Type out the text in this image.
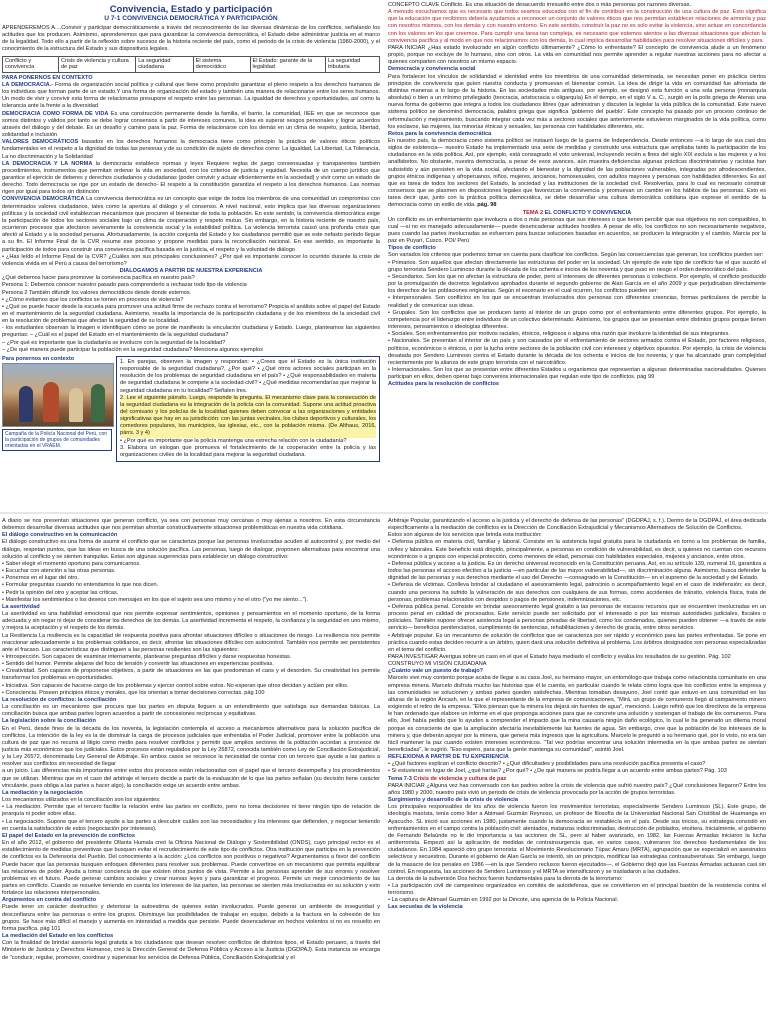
Convivencia, Estado y participación
U 7-1 CONVIVENCIA DEMOCRÁTICA Y PARTICIPACIÓN

APRENDEREMOS A....Convivir y participar democráticamente a través del reconocimiento de las diversas dinámicas de los conflictos, señalando los actitudes que los producen. Asimismo, aprenderemos que para garantizar la convivencia democrática, el Estado debe administrar justicia en el marco de la legalidad. Todo ello a partir de la reflexión sobre sucesos de la historia reciente del país, como el periodo de la crisis de violencia (1980-2000), y el conocimiento de la estructura del Estado y sus dispositivos legales.

Conflicto y convivencia	Crisis de violencia y cultura de paz	La seguridad ciudadana	El sistema democrático	El Estado: garante de la legalidad	La seguridad tributaria

PARA PONERNOS EN CONTEXTO

LA DEMOCRACIA.- Forma de organización social política y cultural que tiene como propósito garantizar el pleno respeto a los derechos humanos de los individuos que forman parte de un estado.Y una forma de organización del estado y también una manera de relacionarse entre los seres humanos. Un modo de vivir y convivir esta forma de relacionarse presupone el respeto entre las personas. La igualdad de derechos y oportunidades, así como la tolerancia ante la frente a la diversidad

DEMOCRACIA COMO FORMA DE VIDA Es una construcción permanente desde la familia, el barrio, la comunidad, IIEE en que se reconoce que somos distintos y válidos por tanto se debe lograr consensos a partir de intereses comunes, la idea es superar sesgos personales y lograr acuerdos através del diálogo y del debate. Es un desafío y camino para la paz. Forma de relacionarse con los demás en un clima de respeto, justicia, libertad, solidaridad e inclusión

VALORES DEMOCRÁTICOS basados en los derechos humanos la democracia tiene como principio la práctica de valores éticos políticos fundamentales en el respeto a la dignidad de todas las personas y de su condición de sujeto de derechos como: La igualdad, La Libertad, La Tolerancia, La no discriminación y la Solidaridad

LA DEMOCRACIA Y LA NORMA la democracia establece normas y leyes Requiere reglas de juego consensuadas y transparentes también procedimientos, instrumentos que permitan ordenar la vida en sociedad, con los criterios de justicia y equidad. Necesita de un cuerpo jurídico que garantice el ejercicio de deberes y derechos ciudadanos y ciudadanas (poder convivir y actuar eficientemente en la sociedad) y vivir como un estado de derecho. Todo democracia se rige por un estado de derecho- El respeto a la constitución garantiza el respeto a los derechos humanos. Las normas rigen por igual para todos sin distinción

CONVIVENCIA DEMOCRÁTICA La convivencia democrática es un concepto que exige de todos los miembros de una comunidad un compromiso con determinados valores ciudadanos, tales como la apertura al diálogo y el consenso. A nivel nacional, esto implica que las diversas organizaciones políticas y la sociedad civil establezcan mecanismos que procuren el bienestar de toda la población. En este sentido, la convivencia democrática exige la participación de todos los sectores sociales bajo un clima de cooperación y respeto mutuo. Sin embargo, en la historia reciente de nuestro país, ocurrieron procesos que afectaron severamente la convivencia social y la estabilidad política. La violencia terrorista causó una profunda crisis que afectó al Estado y a la sociedad peruana. Afortunadamente, la acción conjunta del Estado y los ciudadanos permitió que se este nefasto período llegue a su fin. El Informe Final de la CVR resume ese proceso y propone medidas para la reconciliación nacional. En ese sentido, es importante la participación de todos para construir una convivencia pacífica basada en la justicia, el respeto y la voluntad de diálogo

• ¿Has leído el Informe Final de la CVR? ¿Cuáles son sus principales conclusiones? ¿Por qué es importante conocer lo ocurrido durante la crisis de violencia vivida en el Perú a causa del terrorismo?

DIALOGAMOS A PARTIR DE NUESTRA EXPERIENCIA

¿Qué debemos hacer para promover la convivencia pacífica en nuestro país?

Persona 1: Debemos conocer nuestro pasado para comprenderlo a rechazar todo tipo de violencia

Persona 2 También difundir los valores democráticos desde donde estemos.

• ¿Cómo evitamos que los conflictos se tornen en procesos de violencia?

• ¿Qué se puede hacer desde la escuela para promover una actitud firme de rechazo contra el terrorismo? Propicia el análisis sobre el papel del Estado en el mantenimiento de la seguridad ciudadana. Asimismo, resalta la importancia de la participación ciudadana y de los miembros de la sociedad civil en la resolución de problemas que afectan la seguridad de su localidad.

- los estudiantes observan la imagen e identifiquen cómo se pone de manifiesto la vinculación ciudadana y Estado. Luego, planteamos las siguientes preguntas: – ¿Cuál es el papel del Estado en el mantenimiento de la seguridad ciudadana?

– ¿Por qué es importante que la ciudadanía se involucre con la seguridad de la localidad?

– ¿De qué manera puede participar la población en la seguridad ciudadana? Menciona algunos ejemplos

Para ponernos en contexto
Campaña de la Policía Nacional del Perú, con la participación de grupos de comunidades orientadas en el VRAEM.

1. En parejas, observen la imagen y respondan: • ¿Crees que el Estado es la única institución responsable de la seguridad ciudadana?, ¿Por qué? • ¿Qué otros actores sociales participan en la resolución de los problemas de seguridad ciudadana en el país? • ¿Qué responsabilidades en materia de seguridad ciudadana le compete a la sociedad civil? • ¿Qué medidas recomendarías que mejorar la seguridad ciudadana en tu localidad? Señalen tres.

2. Lee el siguiente párrafo. Luego, responde la pregunta. El mecanismo clave para la consecución de la seguridad ciudadana es la integración de la policía con la comunidad. Supone una actitud proactiva del comisario y los policías de la localidad quienes deben convocar a las organizaciones y entidades significativas que hay en su jurisdicción: con las juntas vecinales, los clubes deportivos y culturales, los comedores populares, los municipios, las iglesias, etc., con la población misma. (De Althaus, 2016, párrs. 3 y 4)

• ¿Por qué es importante que la policía mantenga una estrecha relación con la ciudadanía?

3. Elabora un eslogan que promueva el fortalecimiento de la cooperación entre la policía y las organizaciones civiles de la localidad para mejorar la seguridad ciudadana.

CONCEPTO CLAVE Conflicto. Es una situación de desacuerdo irresuelto entre dos o más personas por razones diversas.

A menudo escuchamos que es necesario que todos seamos educados con el fin de contribuir en la construcción de una cultura de paz. Esto significa que la educación que recibimos debería ayudarnos a reconocer un conjunto de valores éticos que nos permitan establecer relaciones de armonía y paz con nosotros mismos, con los demás y con nuestro entorno. En este sentido, construir la paz no es solo evitar la violencia, sino actuar en concordancia con los valores en los que creemos. Para cumplir una tarea tan compleja, es necesario que estemos atentos a las diversas situaciones que afectan la convivencia pacífica y al modo en que nos relacionamos con los demás, lo cual implica desarrollar habilidades para resolver situaciones difíciles y para

PARA INICIAR ¿Has estado involucrado en algún conflicto últimamente? ¿Cómo lo enfrentaste? El concepto de convivencia alude a un fenómeno propio, porque no excluye de lo humano, sino con otros. La vida en comunidad nos permite aprender a regular nuestras acciones para no afectar a quienes comparten con nosotros un mismo espacio.

Democracia y convivencia social

Para fortalecer los vínculos de solidaridad e identidad entre los miembros de una comunidad determinada, se necesitan poner en práctica ciertos principios de convivencia que guíen nuestra conducta y promuevan el bienestar común. La idea de dirigir la vida en comunidad fue afrontada de distintas maneras a lo largo de la historia. En las sociedades más antiguas, por ejemplo, se designó esta función a una sola persona (monarquía absoluta) o bien a un mínimo privilegiado (teocracia, aristocracia u oligarquía) En el tiempo, en el siglo V a. C., surgió en la polis griega de Atenas una nueva forma de gobierno que integra a todos los ciudadanos libres (que administran y discuten la legislar la vida pública de la comunidad. Este nuevo sistema político se denominó democracia, palabra griega que significa 'gobierno del pueblo'. Este concepto ha pasado por un proceso continuo de reformulación y mejoramiento, buscando integrar cada vez más a sectores sociales que anteriormente estuvieron marginados de la vida política, como los esclavos, las mujeres, las minorías étnicas y sexuales, las personas con habilidades diferentes, etc.

Retos para la convivencia democrática

En nuestro país, la democracia como sistema político se instauró luego de la guerra de Independencia. Desde entonces —a lo largo de sus casi dos siglos de existencia— nuestro Estado ha implementado una serie de medidas y construido una estructura que ampliaba tanto la participación de los ciudadanos en la vida política. Así, por ejemplo, está consagrado el voto universal, incluyendo recién a fines del siglo XIX excluía a las mujeres y a los analfabetos. No obstante, nuestra democracia, a pesar de esos avances, aún muestra deficiencias algunas prácticas discriminatorias y racistas han subsistido y aún persisten en la vida social, afectando el bienestar y la dignidad de las poblaciones vulnerables, integradas por afrodescendientes, grupos étnicos indígenas y afroperuanos, niños, mujeres, ancianos, homosexuales, con adultos mayores y personas con habilidades diferentes. Es así que es tarea de todos los sectores del Estado, la sociedad y las instituciones de la sociedad civil. Resolverlas, para lo cual es necesario construir consensos que se plasmen en disposiciones legales que favorezcan la convivencia y promuevan un cambio en los hábitos de las personas. Esto es tarea decir que, junto con la práctica política democrática, se debe desarrollar una cultura democrática cotidiana que exprese el sentido de la democracia como un estilo de vida. pág. 98

TEMA 2 EL CONFLICTO Y CONVIVENCIA

Un conflicto es un enfrentamiento que involucra a dos o más personas que sus intereses o que tienen percibir que sus objetivos no son compatibles, lo cual —si no es manejado adecuadamente— puede desencadenar actitudes hostiles. A pesar de ello, los conflictos no son necesariamente negativos, pues cuando las partes involucradas se esfuercen para buscar soluciones basadas en acuerdos, se producen la integración y el cambio. Marcia por la paz en Puyarí, Cusco. POI/ Perú

Tipos de conflicto

Son variados los criterios que podemos tomar en cuenta para clasificar los conflictos. Según las consecuencias que generan, los conflictos pueden ser:

• Primarios. Son aquellos que afectan directamente las estructuras del poder en la sociedad. Un ejemplo de este tipo de conflicto fue el que suscitó el grupo terrorista Sendero Luminoso durante la década de los ochenta e inicios de los noventa y que puso en riesgo el orden democrático del país.

• Secundarios. Son los que no afectan la estructura de poder, pero sí intereses de diferentes personas o colectivos. Por ejemplo, el conflicto producido por la promulgación de decretos legislativos aprobados durante el segundo gobierno de Alan García en el año 2009 y que perjudicaban directamente los derechos de las poblaciones originarias. Según el escenario en el cual ocurren, los conflictos pueden ser:

• Interpersonales. Son conflictos en los que se encuentran involucrados dos personas con diferentes creencias, formas particulares de percibir la realidad y de comunicar sus ideas.

• Grupales. Son los conflictos que se producen tanto al interior de un grupo como por el enfrentamiento entre diferentes grupos. Por ejemplo, la competencia por el liderazgo entre individuos de un colectivo determinado. Asimismo, los grupos que se presentan entre distintos grupos porque tienen intereses, pensamientos o ideologías diferentes.

• Sociales. Son enfrentamientos por motivos raciales, étnicos, religiosos o alguna otra razón que involucre la identidad de sus integrantes.

• Nacionales. Se presentan al interior de un país y son causados por el enfrentamiento de sectores armados contra el Estado, por factores religiosos, políticos, económicos o étnicos, o por la lucha entre sectores de la población civil con intereses y objetivos opuestos. Por ejemplo, la crisis de violencia desatada por Sendero Luminoso contra el Estado durante la década de los ochenta e inicios de los noventa, y que ha alcanzado gran complejidad recientemente por la alianza de este grupo terrorista con el narcotráfico.

• Internacionales. Son los que se presentan entre diferentes Estados u organismos que representan a algunas determinadas nacionalidades. Quienes participan en ellos, deben operar bajo convenios internacionales que regulan este tipo de conflictos. pág 99

Actitudes para la resolución de conflictos

A diario se nos presentan situaciones que generan conflicto, ya sea con personas muy cercanas o muy ajenas a nosotros. En esta circunstancia debemos desarrollar diversas actitudes que nos permitan afrontar constructivamente situaciones problemáticas en nuestra vida cotidiana.

El diálogo constructivo en la comunicación

El diálogo constructivo es una forma de asumir el conflicto que se caracteriza porque las personas involucradas acuden al autocontrol y, por medio del diálogo, respetan puntos, que las ideas en busca de una solución pacífica. Las personas, luego de dialogar, proponen alternativas para encontrar una solución al conflicto y se sienten tranquilas. Estas son algunas sugerencias para establecer un diálogo constructivo:

• Saber elegir el momento oportuno para comunicarnos.

• Escuchar con atención a las otras personas.

• Ponernos en el lugar del otro.

• Formular preguntas cuando no entendamos lo que nos dicen.

• Pedir la opinión del otro y aceptar las críticas.

• Manifestar los sentimientos o los deseos con mensajes en los que el sujeto sea uno mismo y no el otro ("yo me siento...").

La asertividad

La asertividad es una habilidad emocional que nos permite expresar sentimientos, opiniones y pensamientos en el momento oportuno, de la forma adecuada y sin negar ni dejar de considerar los derechos de los demás. La asertividad incrementa el respeto, la confianza y la seguridad en uno mismo, y mejora la aceptación y el respeto de los demás.

La Resiliencia La resiliencia es la capacidad de respuesta positiva para afrontar situaciones difíciles o situaciones de riesgo. La resiliencia nos permite reaccionar adecuadamente a los problemas cotidianos, es decir, afrontar las situaciones difíciles con autocontrol. También nos permite ser persistentes ante el fracaso. Las características que distinguen a las personas resilientes son las siguientes:

• Introspección. Son capaces de examinar internamente, plantearse preguntas difíciles y darse respuestas honestas.

• Sentido del humor. Permite alejarse del foco de tensión y convertir las situaciones en experiencias positivas.

• Creatividad. Son capaces de proponerse objetivos, a partir de situaciones en las que predominan el caos y el desorden. Su creatividad les permite transformar los problemas en oportunidades.

• Iniciativa. Son capaces de hacerse cargo de los problemas y ejercer control sobre estos. No esperan que otros decidan y actúen por ellos.

• Consciencia. Poseen principios éticos y morales, que los orientan a tomar decisiones correctas. pág 100

La resolución de conflictos: la conciliación

La conciliación es un mecanismo que procura que las partes en disputa lleguen a un entendimiento que satisfaga sus demandas básicas. La conciliación busca que ambas partes logren acuerdos a partir de concesiones recíprocas y equitativas.

La legislación sobre la conciliación

En el Perú, desde fines de la década de los noventa, la legislación contempla el acceso a mecanismos alternativos para la solución pacífica de conflictos. La intención de la ley es la de disminuir la carga de procesos judiciales que enfrentaba el Poder Judicial, promover entre la población una cultura de paz que no recurra al litigio como medio para resolver conflictos y permitir que amplios sectores de la población accedan a procesos de justicia más económicos que los judiciales. Estos procesos están regulados por la Ley 26872, conocida también como Ley de Conciliación Extrajudicial, y la Ley 26572, denominada Ley General de Arbitraje. En ambos casos se reconoce la necesidad de contar con un tercero que ayude a las partes a resolver sus conflictos sin necesidad de llegar

a un juicio. Las diferencias más importantes entre estos dos procesos están relacionadas con el papel que el tercero desempeña y los procedimientos que se utilizan. Mientras que en el caso del arbitraje el tercero decide a partir de la evaluación de lo que las partes señalan (su decisión tiene carácter vinculante, pues obliga a las partes a hacer algo), la conciliación exige un acuerdo entre ambas.

La mediación y la negociación

Los mecanismos utilizados en la conciliación son los siguientes:

• La mediación. Permite que el tercero facilite la relación entre las partes en conflicto, pero no toma decisiones ni tiene ningún tipo de relación de jerarquía ni poder sobre ellas.

• La negociación. Supone que el tercero ayude a las partes a descubrir cuáles son las necesidades y los intereses que defienden, y negociar teniendo en cuenta la satisfacción de estos (negociación por intereses).

El papel del Estado en la prevención de conflictos

En el año 2012, el gobierno del presidente Ollanta Humala creó la Oficina Nacional de Diálogo y Sostenibilidad (ONDS), cuyo principal rector es el establecimiento de medidas preventivas que busquen evitar el recrudecimiento de este tipo de conflictos. Otra institución que participa en la prevención de conflictos es la Defensoría del Pueblo. Del conocimiento a la acción: ¿Los conflictos son positivos o negativos? Argumentamos a favor del conflicto Puede hacer que las personas busquen enfoques diferentes para resolver sus problemas. Puede convertirse en un mecanismo que permita equilibrar las relaciones de poder. Ayuda a tomar conciencia de que existen otros puntos de vista. Permite a las personas aprender de sus errores y resolver problemas en el futuro. Puede generar cambios sociales y crear nuevas leyes y para garantizar el progreso. Permite un mejor conocimiento de las partes en conflicto. Cuando se resuelve teniendo en cuenta los intereses de las partes, las personas se sienten más involucradas en su solución y esto fortalece las relaciones interpersonales.

Argumentos en contra del conflicto

Puede tener un carácter destructivo y deteriorar la autoestima de quienes están involucrados. Puede generar un ambiente de inseguridad y desconfianza entre las personas o entre los grupos. Disminuye las posibilidades de trabajar en equipo, debido a la fractura en la cohesión de los grupos. Se hace más difícil el manejo y aumenta en intensidad a medida que persiste. Puede desencadenar en hechos violentos si no es resuelto en forma pacífica. pág 101

La mediación del Estado en los conflictos

Con la finalidad de brindar asesoría legal gratuita a los ciudadanos que desean resolver conflictos de distintos tipos, el Estado peruano, a través del Ministerio de Justicia y Derechos Humanos, creó la Dirección General de Defensa Pública y Acceso a la Justicia (DGDPAJ). Esta instancia se encarga de "conducir, regular, promover, coordinar y supervisar los servicios de Defensa Pública, Conciliación Extrajudicial y el

Arbitraje Popular, garantizando el acceso a la justicia y el derecho de defensa de las personas" (DGDPAJ, s. f.). Dentro de la DGDPAJ, el área dedicada específicamente a la mediación de conflictos es la Dirección de Conciliación Extrajudicial y Mecanismos Alternativos de Solución de Conflictos.

Estos son algunos de los servicios que brinda esta institución:

• Defensa pública en materia civil, familiar y laboral. Consiste en la asistencia legal gratuita para la ciudadanía en torno a los problemas de familia, civiles y laborales. Este beneficio está dirigido, principalmente, a personas en condición de vulnerabilidad, es decir, a quienes no cuentan con recursos económicos o a grupos con especial protección, como menores de edad, personas con habilidades especiales, mujeres y ancianos, entre otros.

• Defensa pública y acceso a la justicia. Es un derecho universal reconocido en la Constitución peruana. Así, en su artículo 139, numeral 16, garantiza a todos las personas el acceso efectivo a la justicia —en particular de las mayor vulnerabilidad—, sin discriminación alguna. Asimismo, busca defender la dignidad de las personas y sus derechos mediante el uso del Derecho —consagrado en la Constitución— en el supremo de la sociedad y del Estado.

• Defensa de víctimas. Conlleva brindar al ciudadano el asesoramiento legal, patrocinio o acompañamiento legal en el caso de indefensión; es decir, cuando una persona ha sufrido la vulneración de sus derechos con cualquiera de sus formas, como accidentes de tránsito, violencia física, trata de personas, problemas relacionados con despidos o pagos de pensiones, indemnizaciones, etc.

• Defensa pública penal. Consiste en brindar asesoramiento legal gratuito a las personas de escasos recursos que se encuentren involucradas en un proceso penal en calidad de procesados. Este servicio puede ser solicitado por el interesado o por las mismas autoridades judiciales, fiscales o policiales. También supone ofrecer asistencia legal a personas privadas de libertad, como los condenados, quienes pueden obtener —a través de este servicio— beneficios penitenciarios, cumplimiento de sentencias, rehabilitaciones y derecho de gracia, entre otros servicios.

• Arbitraje popular. Es un mecanismo de solución de conflictos que se caracteriza por ser rápido y económico para las partes enfrentadas. Se pone en práctica cuando estas deciden recurrir a un árbitro, quien dará una solución definitiva al problema. Los árbitros designados son personas especializadas en el tema del conflicto.

PARA INVESTIGAR Averigua sobre un caso en el que el Estado haya mediado el conflicto y evalúa los resultados de su gestión. Pág. 102

CONSTRUYO MI VISIÓN CIUDADANA

¿Cuánto vale un puesto de trabajo?

Marcelo vive muy contento porque acaba de llegar a su casa Joel, su hermano mayor, un entomólogo que trabaja como relacionista comunitario en una empresa minera. Marcelo disfruta mucho las historias que él le cuenta, en particular cuando le relata cómo logra que los conflictos entre la empresa y las comunidades se solucionen y ambas partes queden satisfechas. Mientras tomaban desayuno, Joel contó que estuvo en una comunidad en las alturas de la región Áncash, en la que el representante de la empresa de comunicaciones, "Mirá, un grupo de comuneros llegó al campamento minero exigiendo el retiro de la empresa. "Ellos piensan que la minera los dejará sin fuentes de agua", mencionó. Luego refirió que los directivos de la empresa le han ordenado que elabore un informe en el que proponga acciones para que se concrete una solución y sostengan el trabajo de los comuneros. Para ello, Joel había pedido que lo ayuden a comprender el impacto que la mina causaría ningún daño ecológico, lo cual le ha generado un dilema moral porque es consciente de que la ampliación afectaría inevitablemente las fuentes de agua. Sin embargo, cree que la población de los intereses de la minera y, que deberán apoyar por la minera, que genera más ingresos que la agricultura. Marcelo le preguntó a su hermano qué, por lo visto, no era tan fácil mantener la paz cuando existen intereses económicos. "Tal vez podrías encontrar una solución intermedia en la que ambas partes se sientan beneficiadas", le sugirió. "Eso espero, para que la gente mantenga su comunidad", asintió Joel.

REFLEXIONA A PARTIR DE TU EXPERIENCIA

• ¿Qué factores explican el conflicto descrito? • ¿Qué dificultades y posibilidades para una resolución pacífica presenta el caso?

• Si estuvieras en lugar de Joel, ¿qué harías? ¿Por qué? • ¿De qué manera se podría llegar a un acuerdo entre ambas partes? Pág. 103

Tema 7-3 Crisis de violencia y cultura de paz

PARA INICIAR ¿Alguna vez has conversado con tus padres sobre la crisis de violencia que sufrió nuestro país? ¿Qué conclusiones llegaron? Entre los años 1980 y 2000, nuestro país vivió un periodo de crisis de violencia provocada por la acción de grupos terroristas.

Surgimiento y desarrollo de la crisis de violencia

Los principales responsables de los años de violencia fueron los movimientos terroristas, especialmente Sendero Luminoso (SL). Este grupo, de ideología maoísta, tenía como líder a Abimael Guzmán Reynoso, un profesor de filosofía de la Universidad Nacional San Cristóbal de Huamanga en Ayacucho. SL inició sus acciones en 1980, justamente cuando la democracia se restablecía en el país. Desde sus inicios, su estrategia consistió en enfrentamientos en el campo contra la población civil: atentados, matanzas indiscriminadas, destrucción de poblados, etcétera. Inicialmente, el gobierno de Fernando Belaúnde no le dio importancia a las acciones de SL, pero al haber avanzado, en 1982, las Fuerzas Armadas iniciaron la lucha antiterrorista. Empezó así la aplicación de medidas de contrainsurgencia que, en varios casos, vulneraron los derechos fundamentales de los ciudadanos. En 1984 apareció otro grupo terrorista: el Movimiento Revolucionario Túpac Amaru (MRTA), agrupación que se especializó en asesinatos selectivos y secuestros. Durante el gobierno de Alan García se intentó, sin un principio, modificar las estrategias contrasubversivas. Sin embargo, luego de la masacre de los penales en 1986 —en la que Sendero reclusos fueron ejecutados—, el Gobierno dejó que las Fuerzas Armadas actuaran casi sin control. En respuesta, las acciones de Sendero Luminoso y el MRTA se intensificaron y se trasladaron a las ciudades.

La derrota de la subversión Dos hechos fueron fundamentales para la derrota de la terrorismo:

• La participación civil de campesinos organizados en comités de autodefensa, que se convirtieron en el principal bastión de la resistencia contra el terrorismo.

• La captura de Abimael Guzmán en 1992 por la Dincote, una agencia de la Policía Nacional.

Las secuelas de la violencia
